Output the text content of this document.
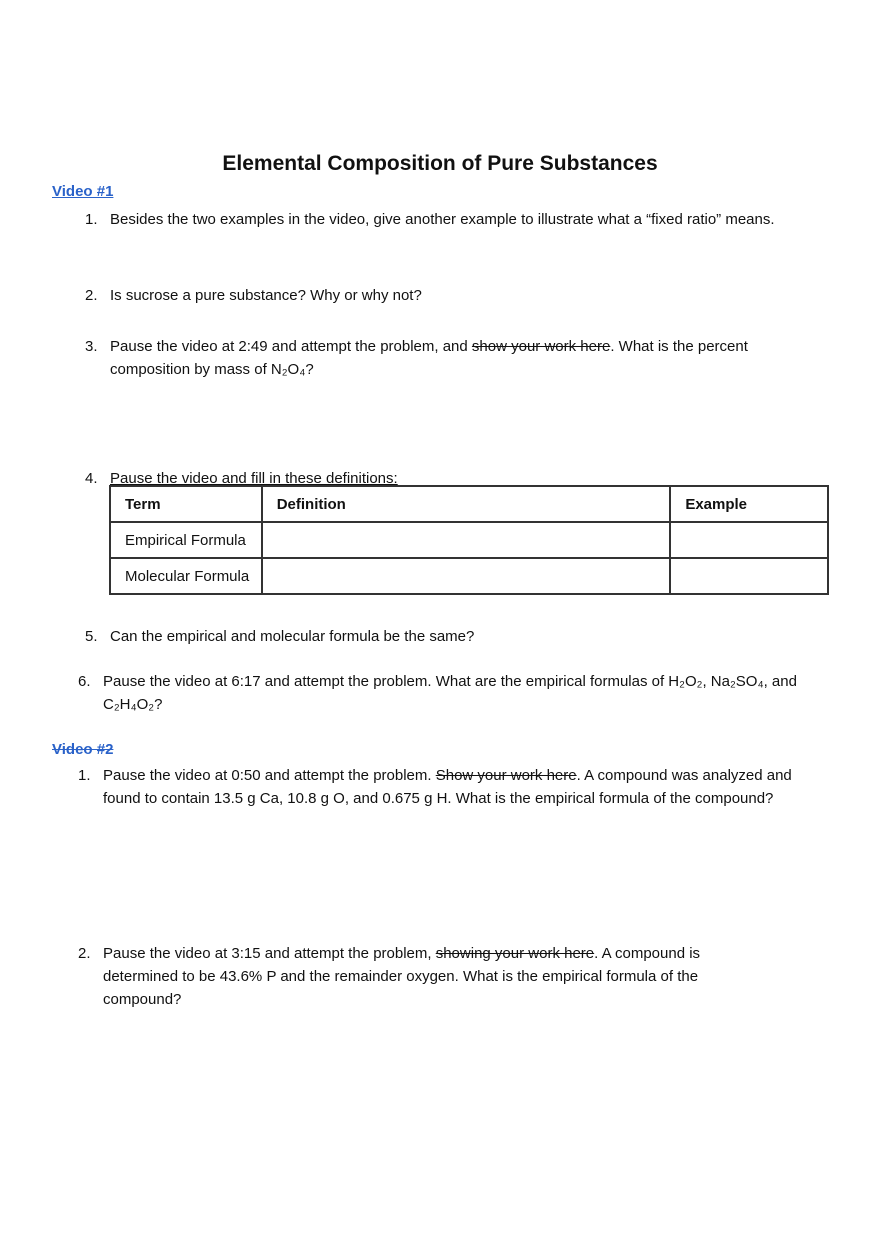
Elemental Composition of Pure Substances
Video #1
1. Besides the two examples in the video, give another example to illustrate what a “fixed ratio” means.
2. Is sucrose a pure substance? Why or why not?
3. Pause the video at 2:49 and attempt the problem, and show your work here. What is the percent composition by mass of N₂O₄?
4. Pause the video and fill in these definitions:
Term	Definition	Example
Empirical Formula		
Molecular Formula		
5. Can the empirical and molecular formula be the same?
6. Pause the video at 6:17 and attempt the problem. What are the empirical formulas of H₂O₂, Na₂SO₄, and C₂H₄O₂?
Video #2
1. Pause the video at 0:50 and attempt the problem. Show your work here. A compound was analyzed and found to contain 13.5 g Ca, 10.8 g O, and 0.675 g H. What is the empirical formula of the compound?
2. Pause the video at 3:15 and attempt the problem, showing your work here. A compound is determined to be 43.6% P and the remainder oxygen. What is the empirical formula of the compound?
